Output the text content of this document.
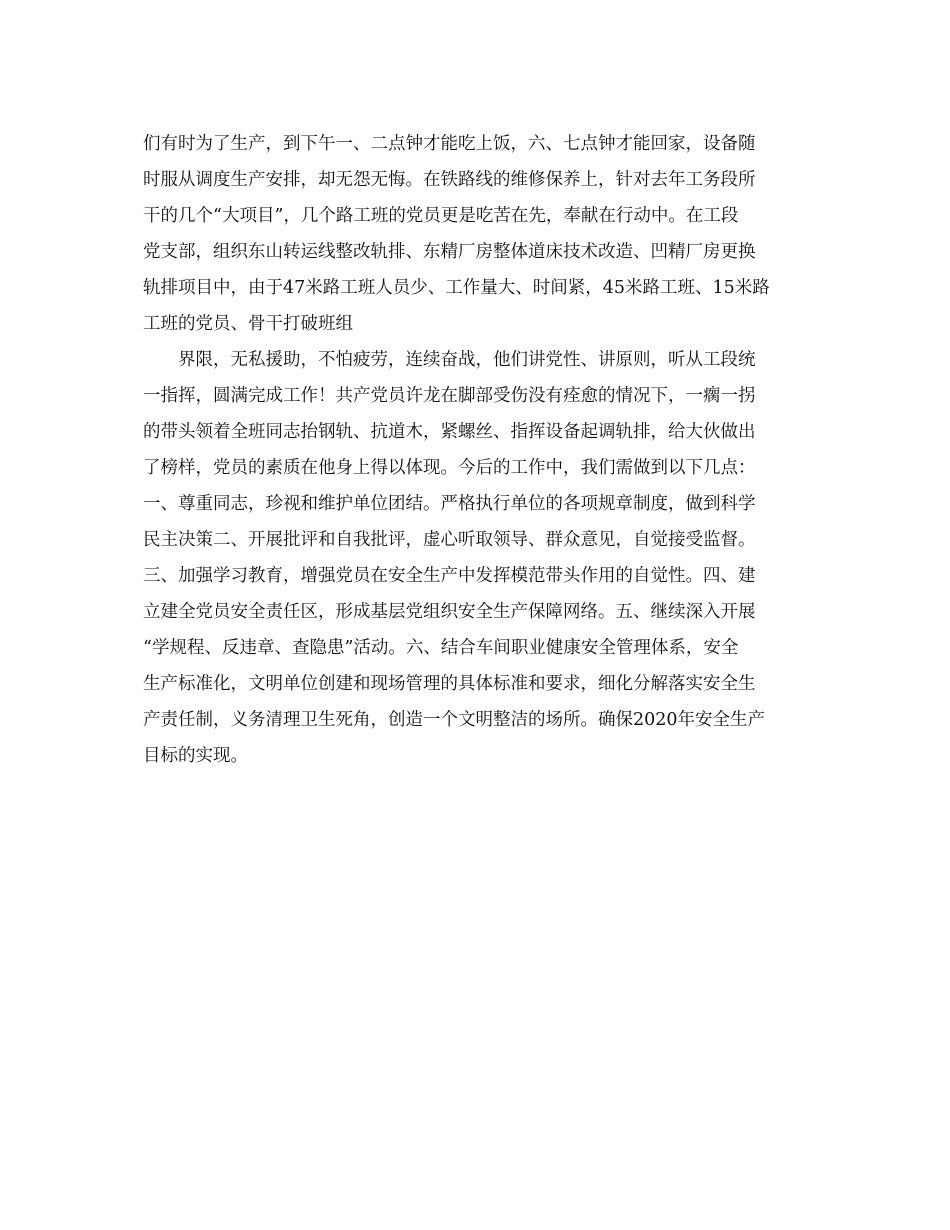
们有时为了生产，到下午一、二点钟才能吃上饭，六、七点钟才能回家，设备随
时服从调度生产安排，却无怨无悔。在铁路线的维修保养上，针对去年工务段所
干的几个“大项目”，几个路工班的党员更是吃苦在先，奉献在行动中。在工段
党支部，组织东山转运线整改轨排、东精厂房整体道床技术改造、凹精厂房更换
轨排项目中，由于47米路工班人员少、工作量大、时间紧，45米路工班、15米路
工班的党员、骨干打破班组
界限，无私援助，不怕疲劳，连续奋战，他们讲党性、讲原则，听从工段统
一指挥，圆满完成工作！共产党员许龙在脚部受伤没有痊愈的情况下，一瘸一拐
的带头领着全班同志抬钢轨、抗道木，紧螺丝、指挥设备起调轨排，给大伙做出
了榜样，党员的素质在他身上得以体现。今后的工作中，我们需做到以下几点：
一、尊重同志，珍视和维护单位团结。严格执行单位的各项规章制度，做到科学
民主决策二、开展批评和自我批评，虚心听取领导、群众意见，自觉接受监督。
三、加强学习教育，增强党员在安全生产中发挥模范带头作用的自觉性。四、建
立建全党员安全责任区，形成基层党组织安全生产保障网络。五、继续深入开展
“学规程、反违章、查隐患”活动。六、结合车间职业健康安全管理体系，安全
生产标准化，文明单位创建和现场管理的具体标准和要求，细化分解落实安全生
产责任制，义务清理卫生死角，创造一个文明整洁的场所。确保2020年安全生产
目标的实现。
